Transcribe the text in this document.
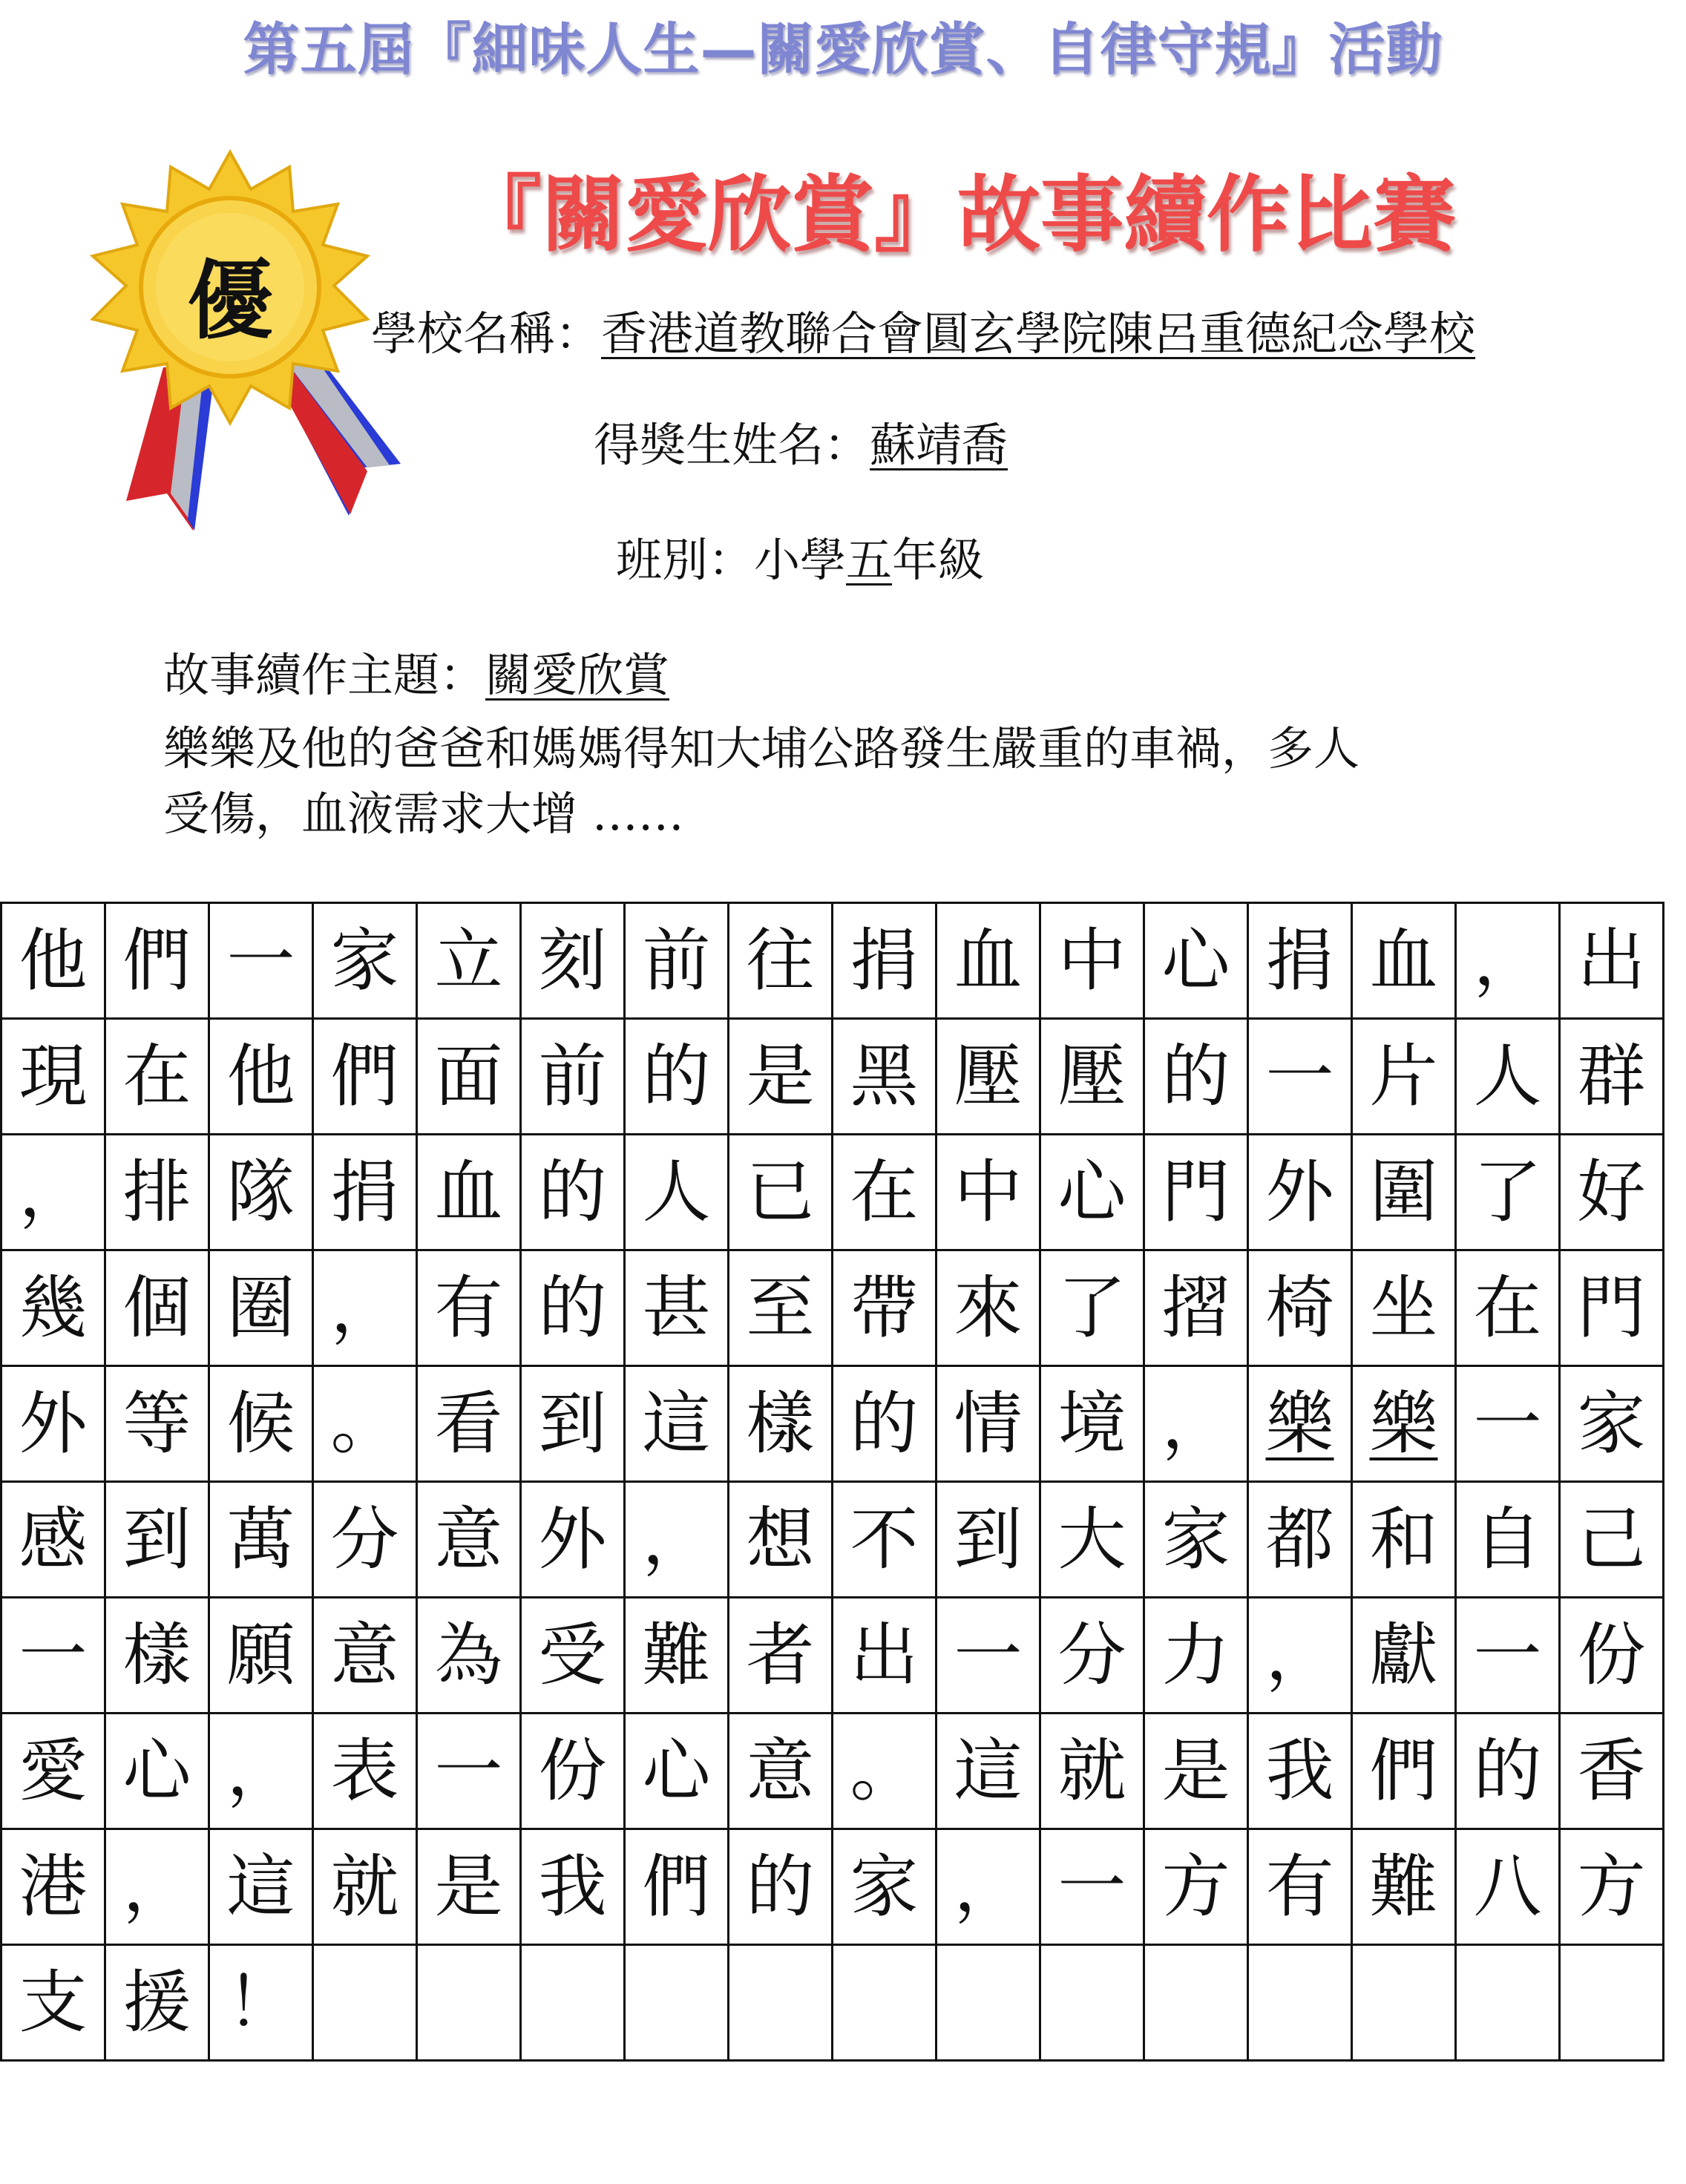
第五屆『細味人生—關愛欣賞、自律守規』活動
優
『關愛欣賞』故事續作比賽
學校名稱：香港道教聯合會圓玄學院陳呂重德紀念學校
得獎生姓名：蘇靖喬
班別：小學五年級
故事續作主題：關愛欣賞
樂樂及他的爸爸和媽媽得知大埔公路發生嚴重的車禍，多人
受傷，血液需求大增 ……
他	們	一	家	立	刻	前	往	捐	血	中	心	捐	血	，	出
現	在	他	們	面	前	的	是	黑	壓	壓	的	一	片	人	群
，	排	隊	捐	血	的	人	已	在	中	心	門	外	圍	了	好
幾	個	圈	，	有	的	甚	至	帶	來	了	摺	椅	坐	在	門
外	等	候	。	看	到	這	樣	的	情	境	，	樂	樂	一	家
感	到	萬	分	意	外	，	想	不	到	大	家	都	和	自	己
一	樣	願	意	為	受	難	者	出	一	分	力	，	獻	一	份
愛	心	，	表	一	份	心	意	。	這	就	是	我	們	的	香
港	，	這	就	是	我	們	的	家	，	一	方	有	難	八	方
支	援	！													
